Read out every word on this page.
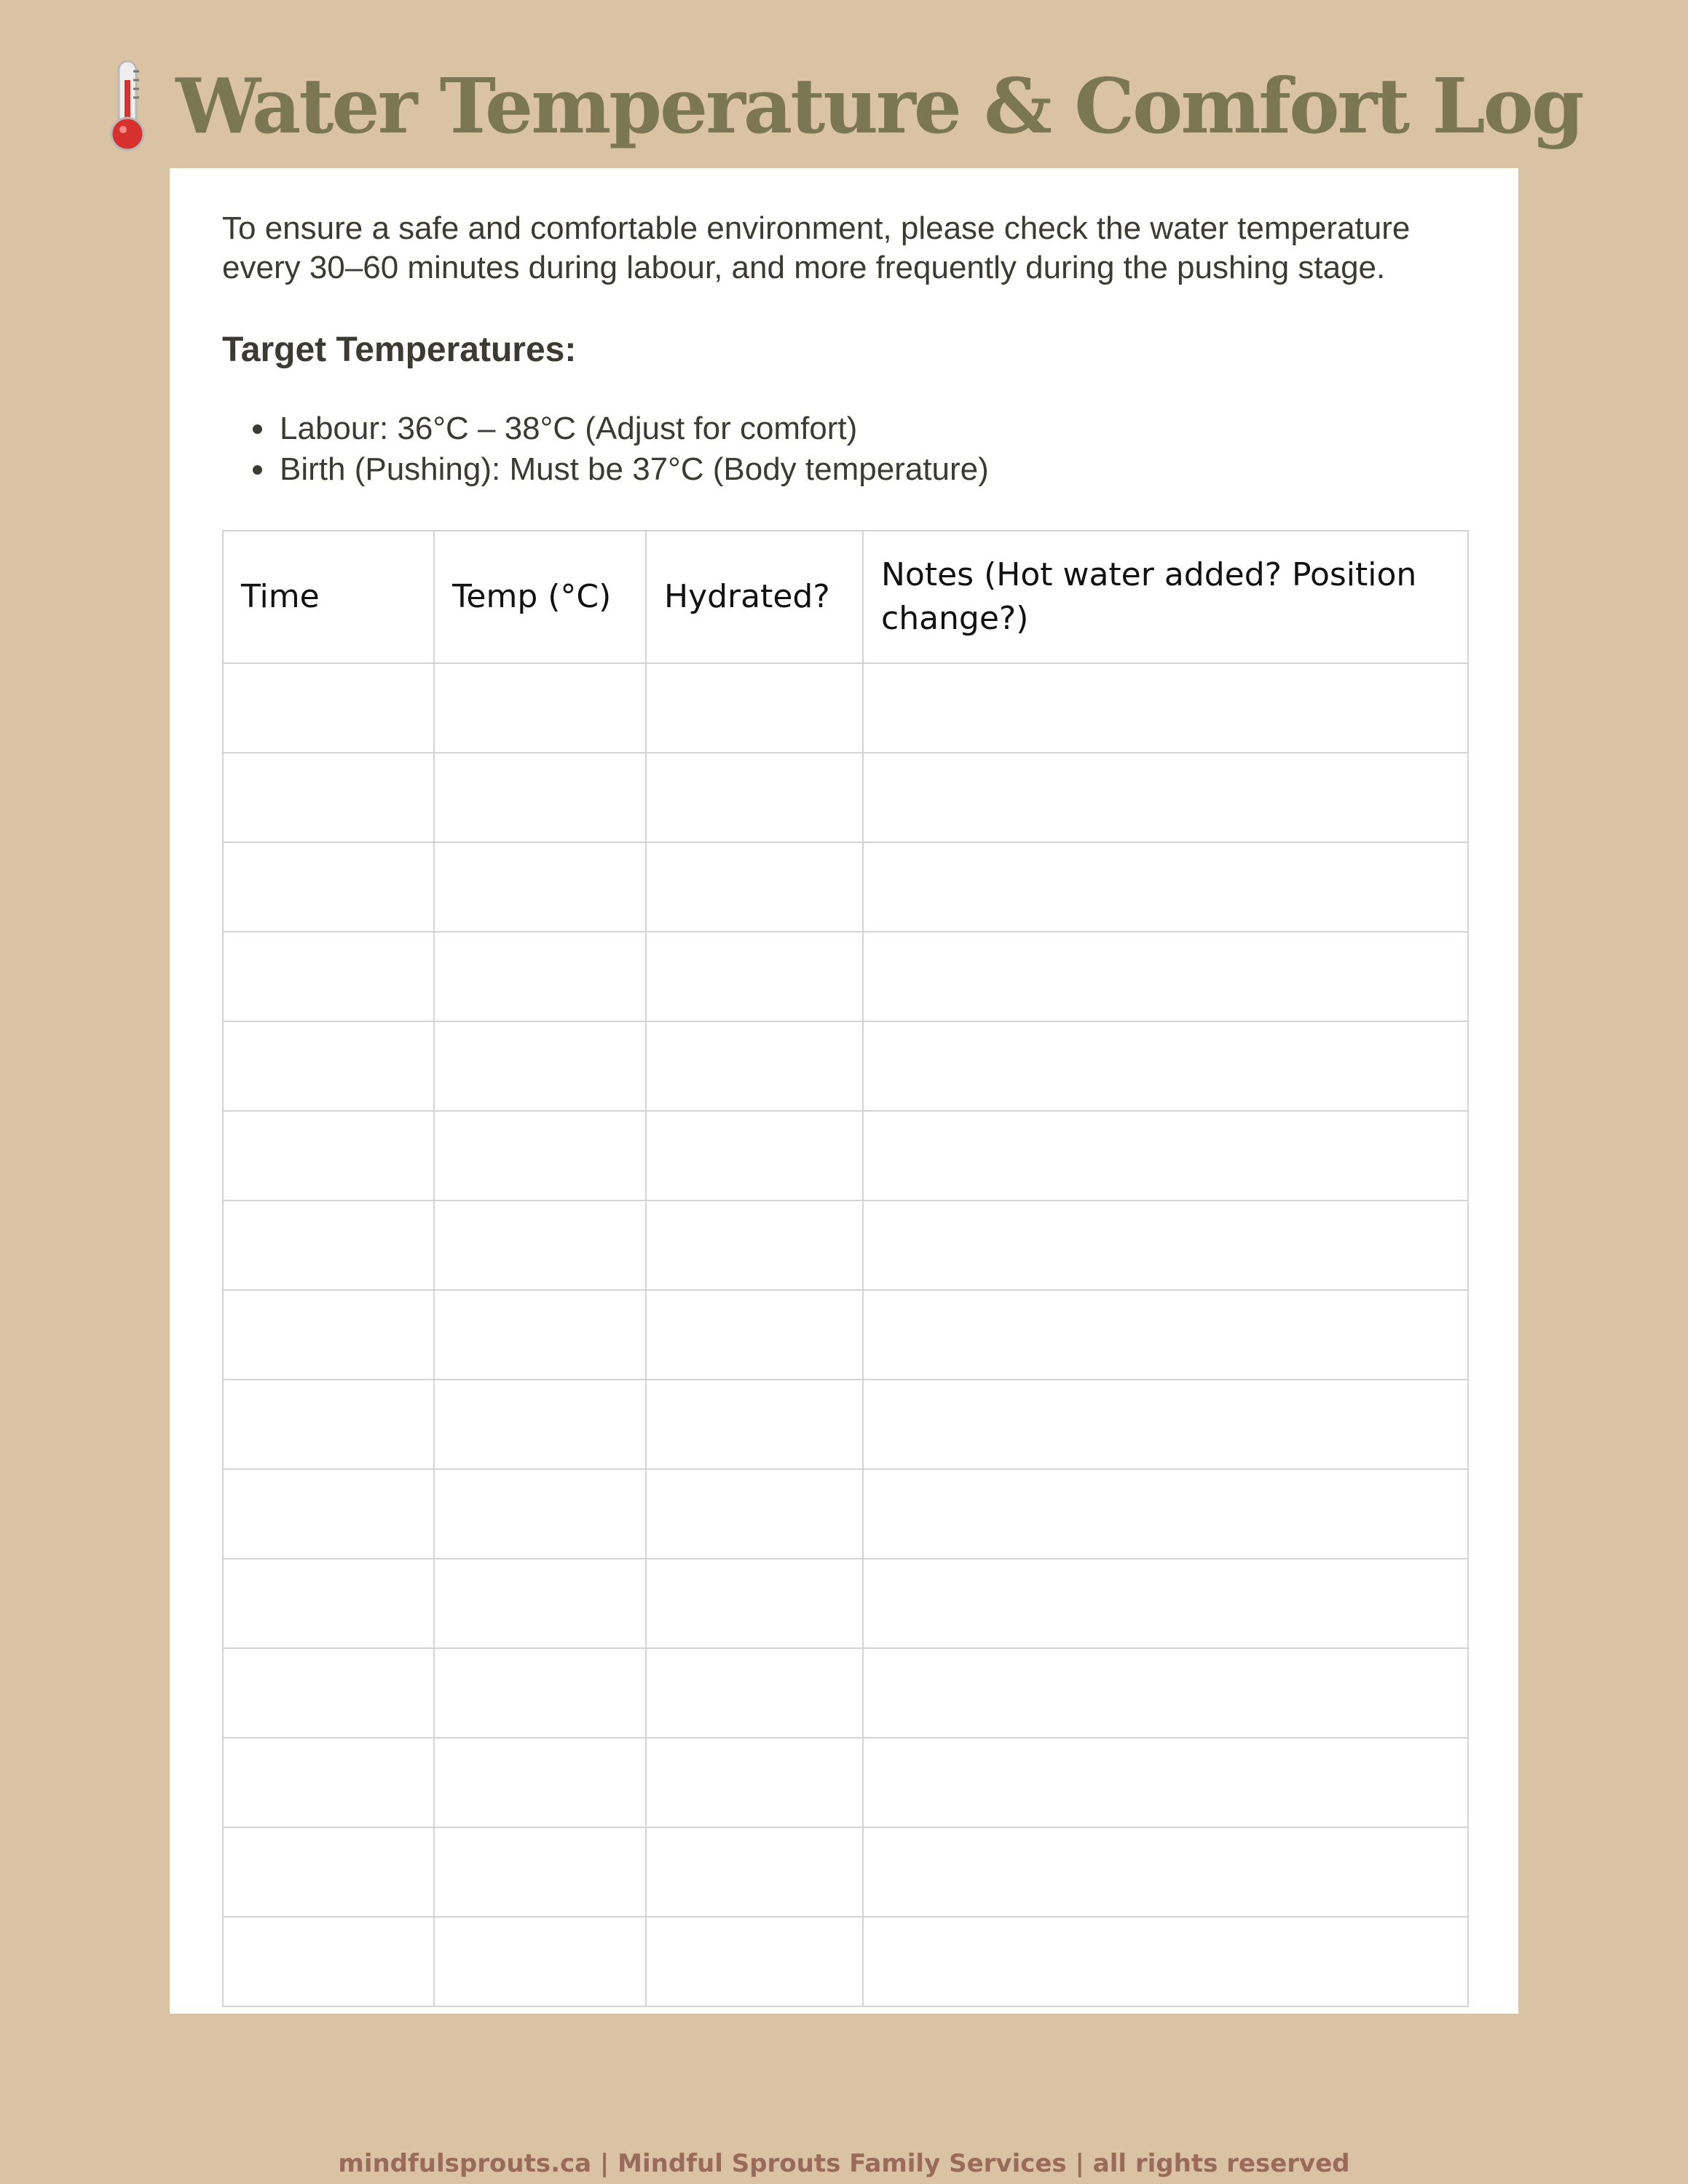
Water Temperature & Comfort Log

To ensure a safe and comfortable environment, please check the water temperature every 30–60 minutes during labour, and more frequently during the pushing stage.

Target Temperatures:
• Labour: 36°C – 38°C (Adjust for comfort)
• Birth (Pushing): Must be 37°C (Body temperature)
Time	Temp (°C)	Hydrated?	Notes (Hot water added? Position change?)

mindfulsprouts.ca | Mindful Sprouts Family Services | all rights reserved
